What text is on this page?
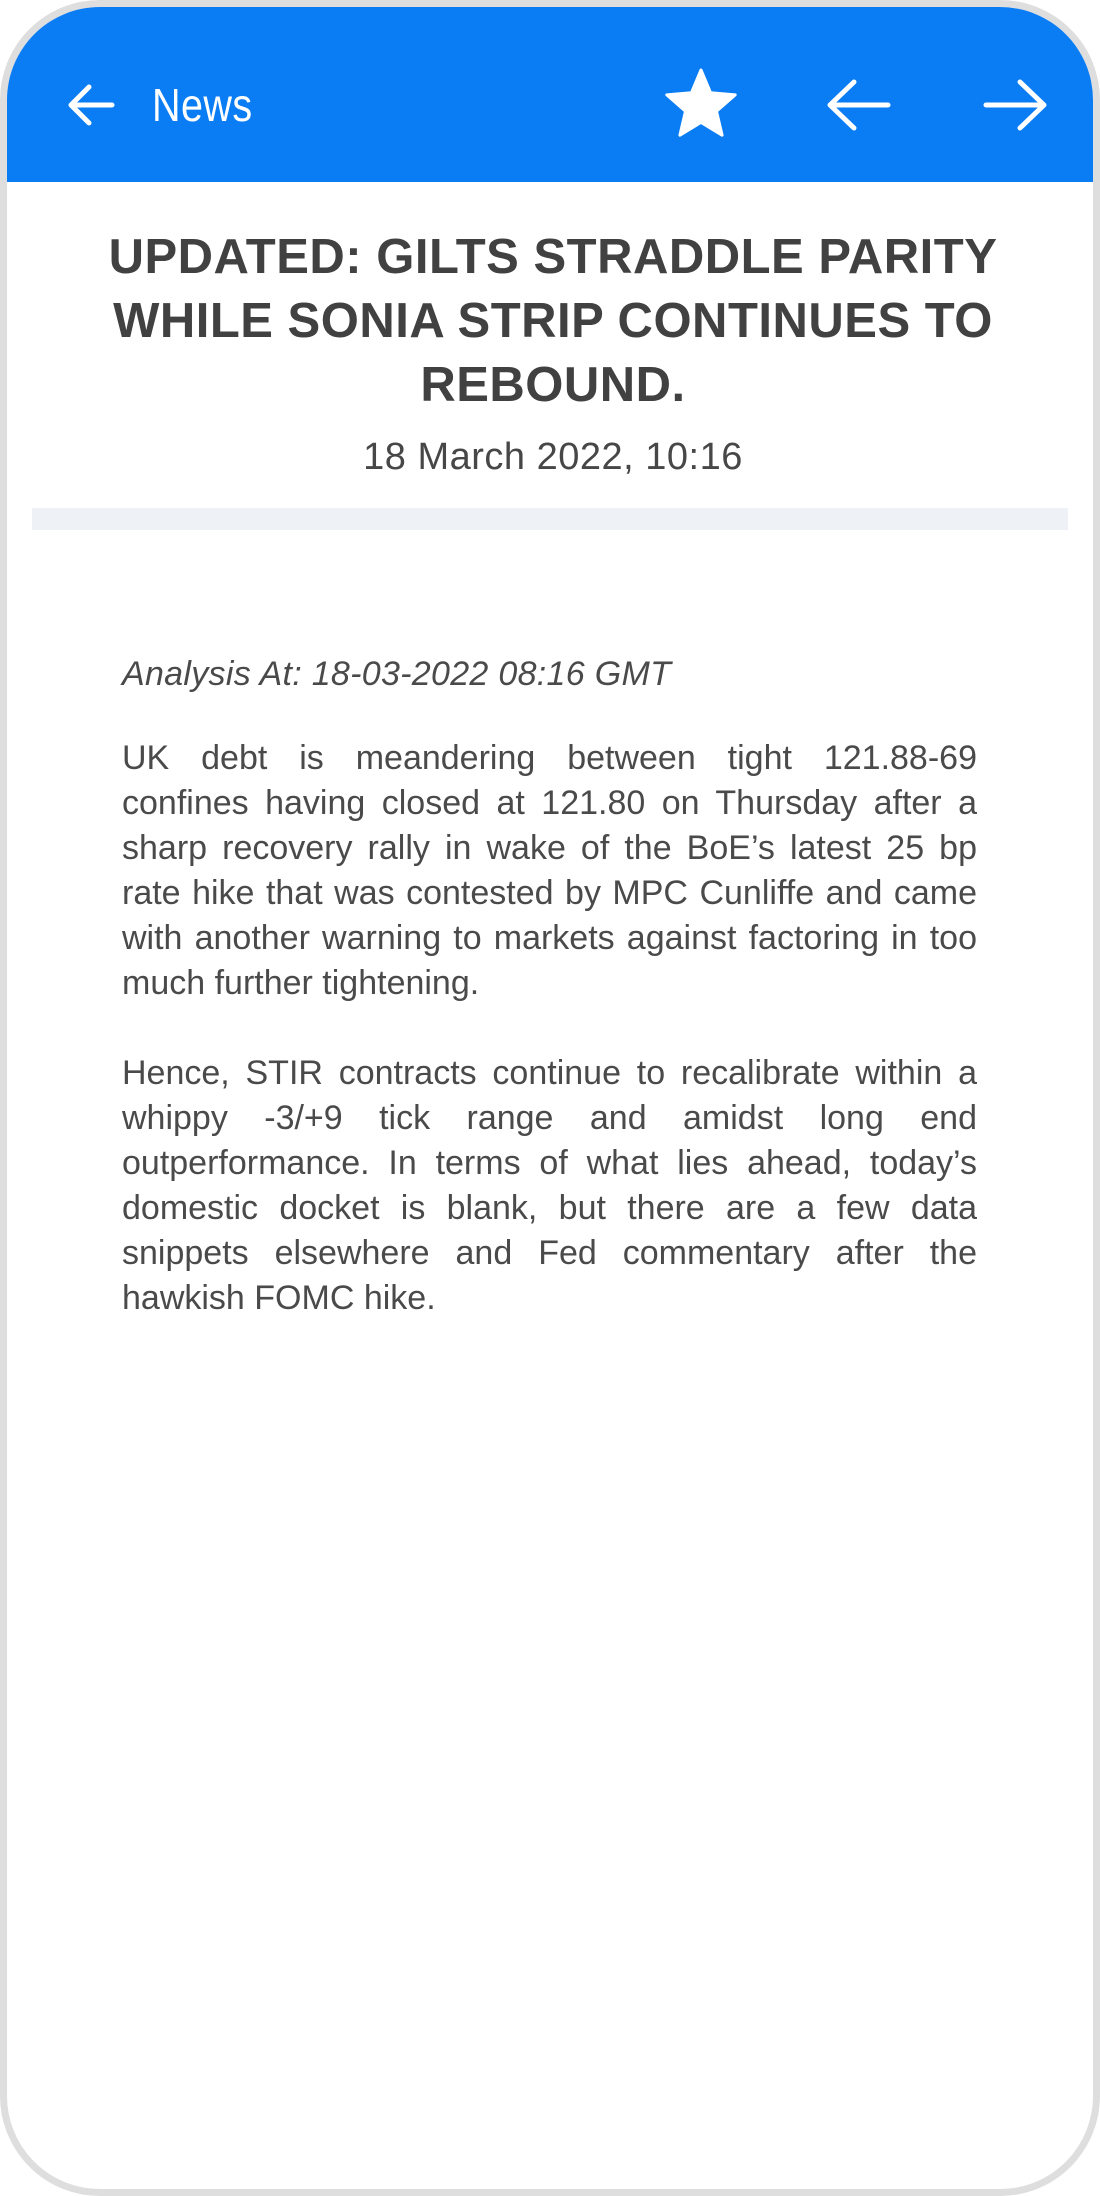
News
UPDATED: GILTS STRADDLE PARITY WHILE SONIA STRIP CONTINUES TO REBOUND.
18 March 2022, 10:16

Analysis At: 18-03-2022 08:16 GMT

UK debt is meandering between tight 121.88-69 confines having closed at 121.80 on Thursday after a sharp recovery rally in wake of the BoE’s latest 25 bp rate hike that was contested by MPC Cunliffe and came with another warning to markets against factoring in too much further tightening.

Hence, STIR contracts continue to recalibrate within a whippy -3/+9 tick range and amidst long end outperformance. In terms of what lies ahead, today’s domestic docket is blank, but there are a few data snippets elsewhere and Fed commentary after the hawkish FOMC hike.
